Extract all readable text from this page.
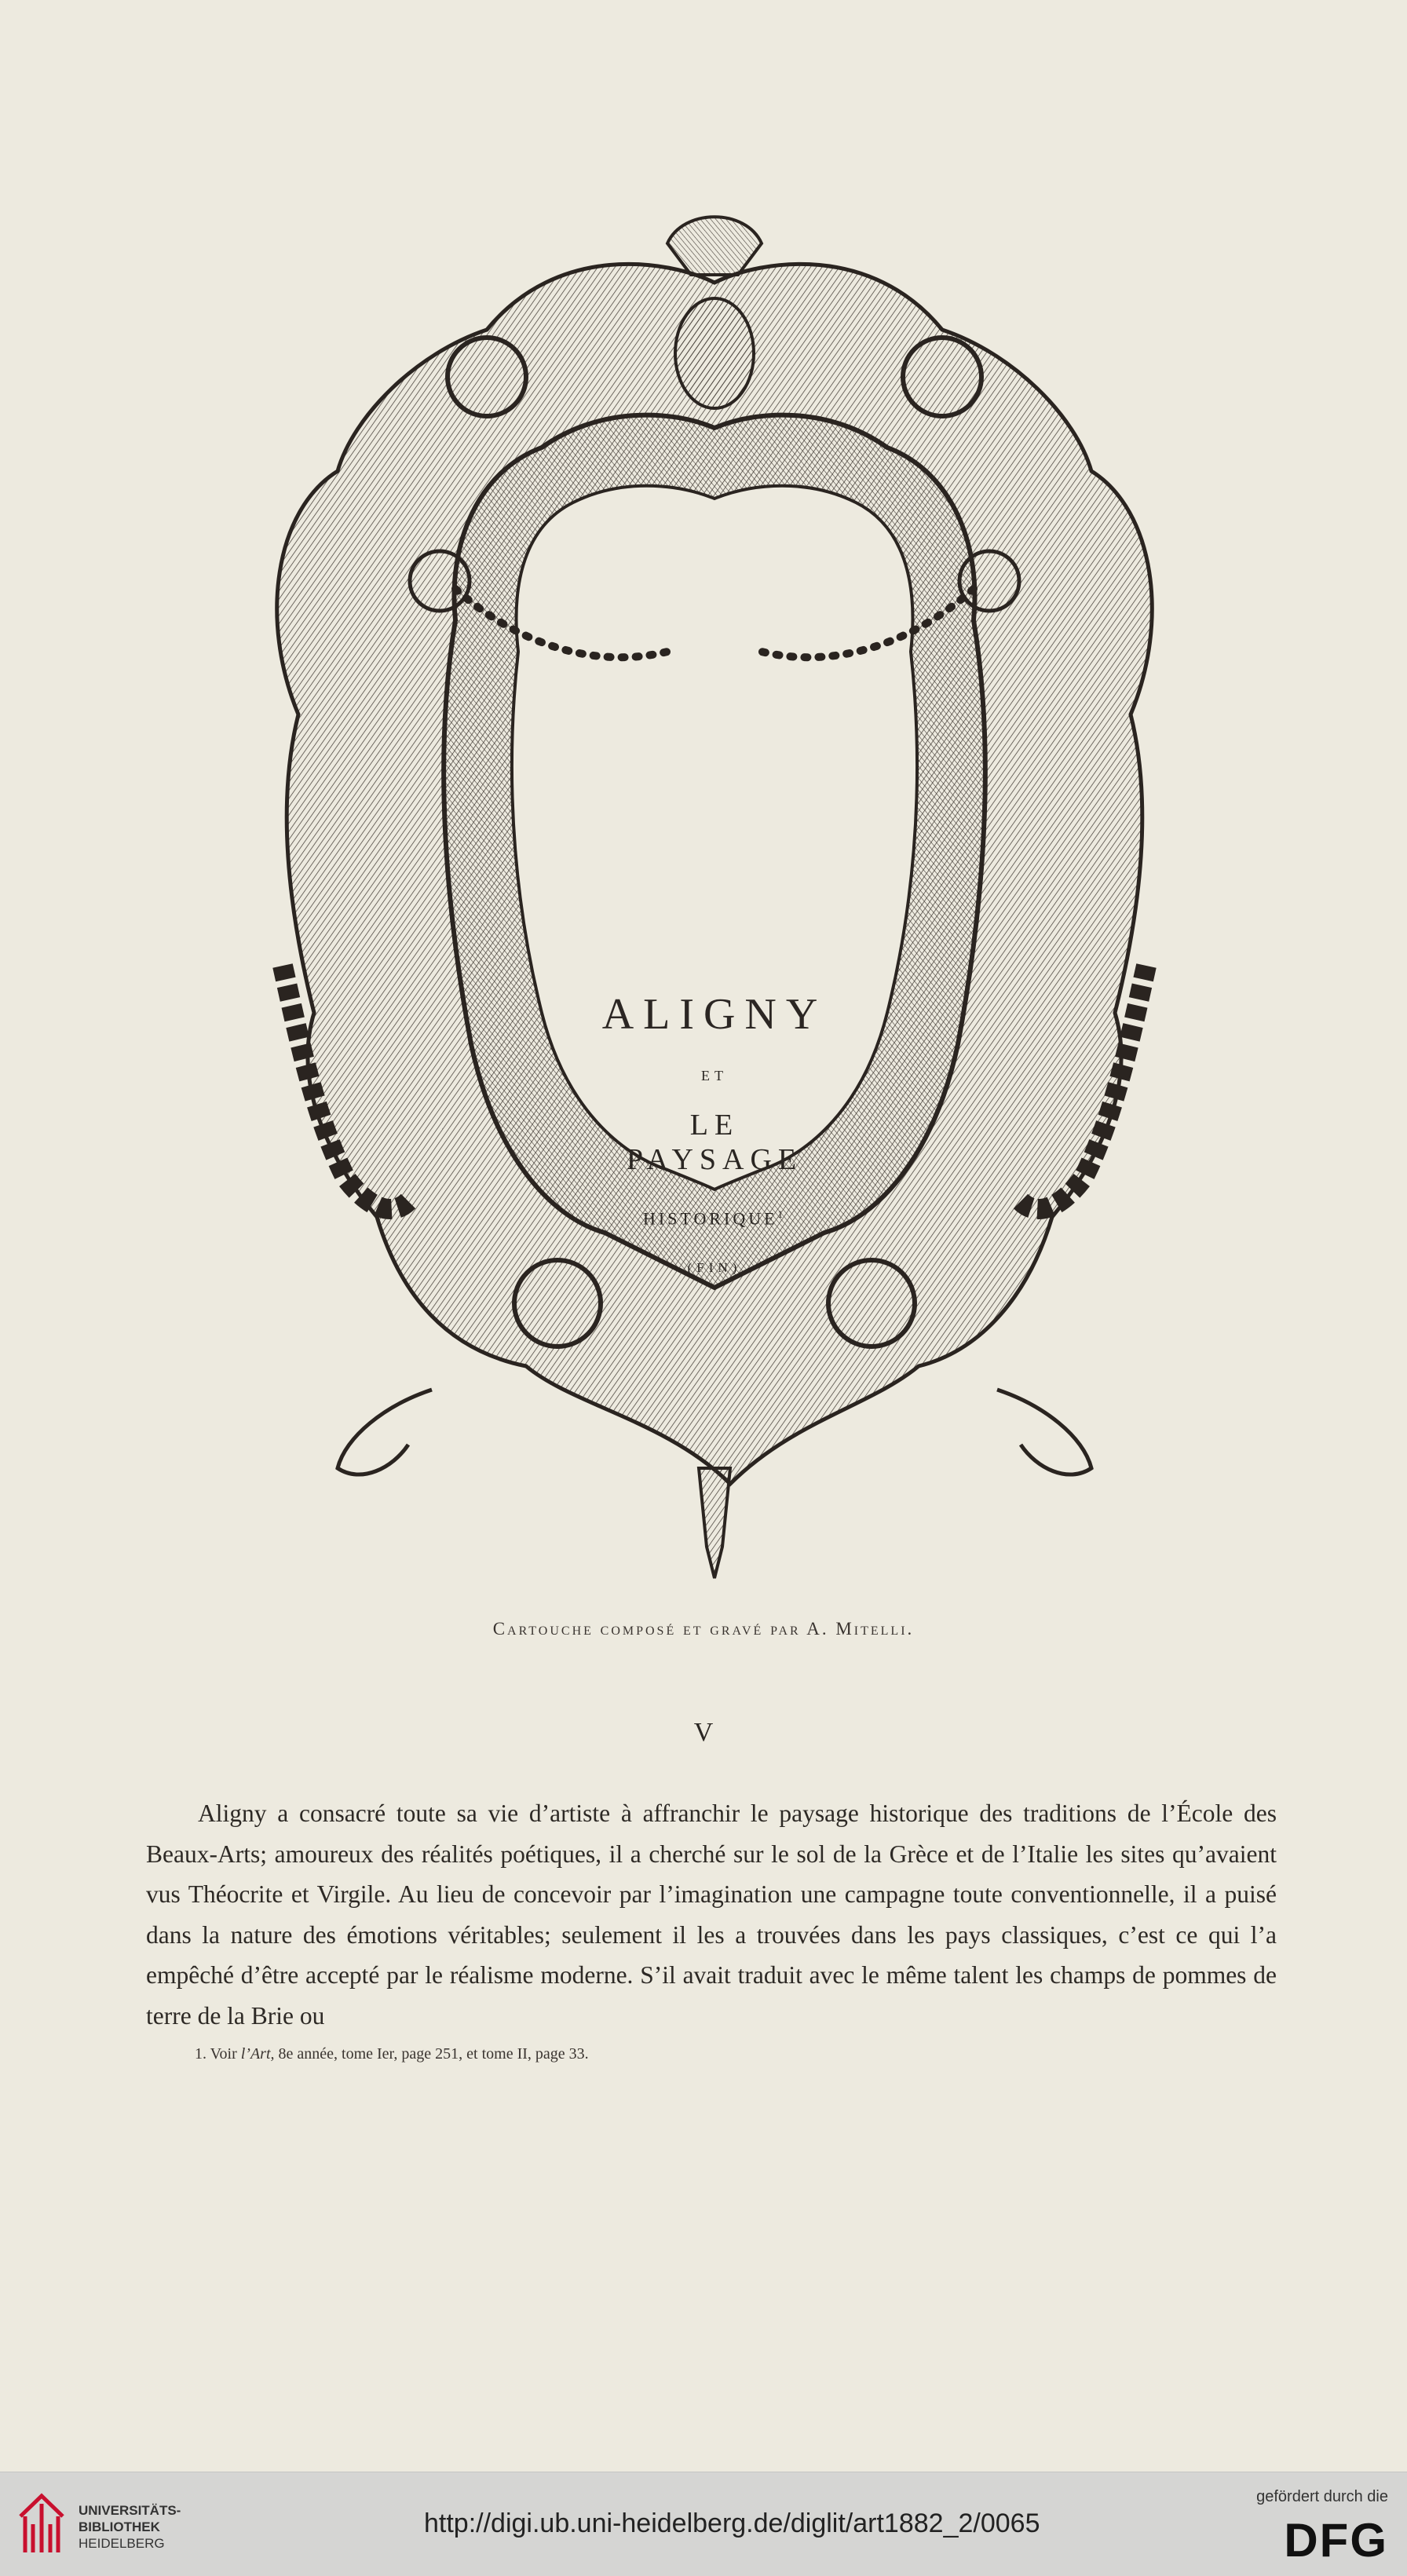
ALIGNY
ET
LE PAYSAGE
HISTORIQUE$^1$
(FIN)
Cartouche composé et gravé par A. Mitelli.
V
Aligny a consacré toute sa vie d’artiste à affranchir le paysage historique des traditions de l’École des Beaux-Arts; amoureux des réalités poétiques, il a cherché sur le sol de la Grèce et de l’Italie les sites qu’avaient vus Théocrite et Virgile. Au lieu de concevoir par l’imagination une campagne toute conventionnelle, il a puisé dans la nature des émotions véritables; seulement il les a trouvées dans les pays classiques, c’est ce qui l’a empêché d’être accepté par le réalisme moderne. S’il avait traduit avec le même talent les champs de pommes de terre de la Brie ou
1. Voir l’Art, 8e année, tome Ier, page 251, et tome II, page 33.
UNIVERSITÄTS-
BIBLIOTHEK
HEIDELBERG
http://digi.ub.uni-heidelberg.de/diglit/art1882_2/0065
gefördert durch die
DFG
